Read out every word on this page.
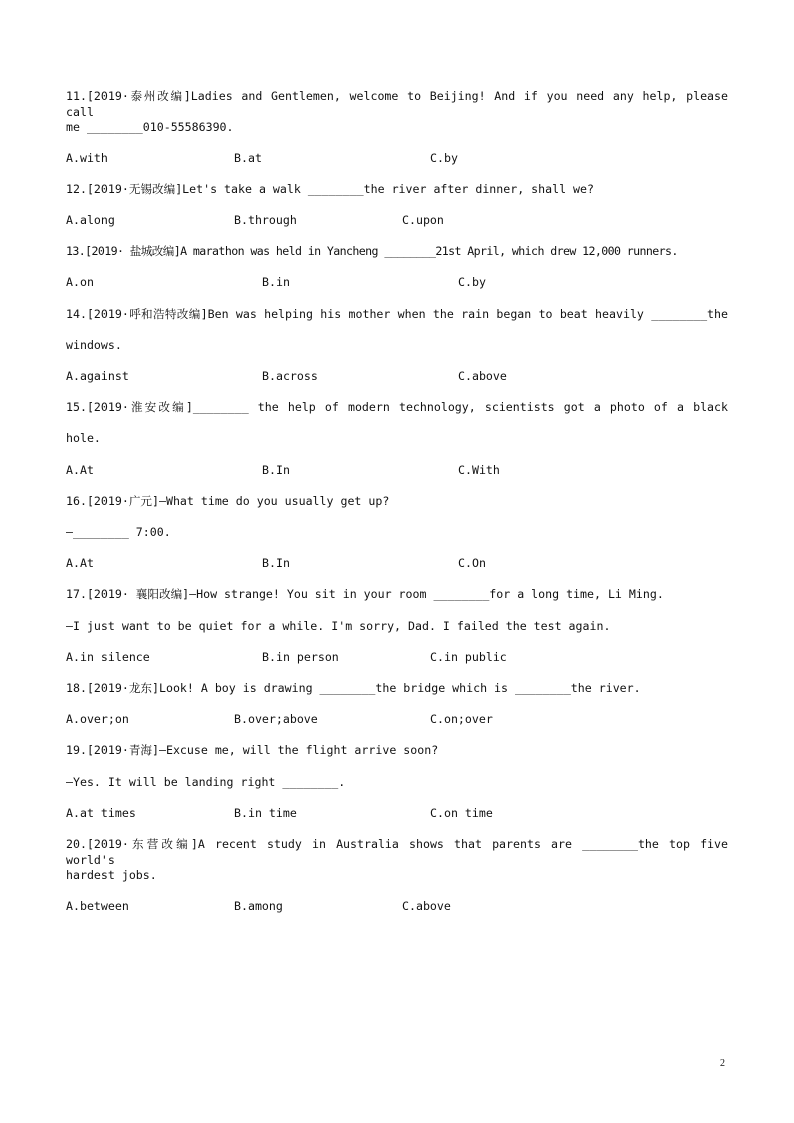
11.[2019·泰州改编]Ladies and Gentlemen, welcome to Beijing! And if you need any help, please call
me ________010-55586390.
A.with	B.at	C.by
12.[2019·无锡改编]Let's take a walk ________the river after dinner, shall we?
A.along	B.through	C.upon
13.[2019· 盐城改编]A marathon was held in Yancheng ________21st April, which drew 12,000 runners.
A.on	B.in	C.by
14.[2019·呼和浩特改编]Ben was helping his mother when the rain began to beat heavily ________the
windows.
A.against	B.across	C.above
15.[2019·淮安改编]________ the help of modern technology, scientists got a photo of a black
hole.
A.At	B.In	C.With
16.[2019·广元]—What time do you usually get up?
—________ 7:00.
A.At	B.In	C.On
17.[2019· 襄阳改编]—How strange! You sit in your room ________for a long time, Li Ming.
—I just want to be quiet for a while. I'm sorry, Dad. I failed the test again.
A.in silence	B.in person	C.in public
18.[2019·龙东]Look! A boy is drawing ________the bridge which is ________the river.
A.over;on	B.over;above	C.on;over
19.[2019·青海]—Excuse me, will the flight arrive soon?
—Yes. It will be landing right ________.
A.at times	B.in time	C.on time
20.[2019·东营改编]A recent study in Australia shows that parents are ________the top five world's
hardest jobs.
A.between	B.among	C.above
2
